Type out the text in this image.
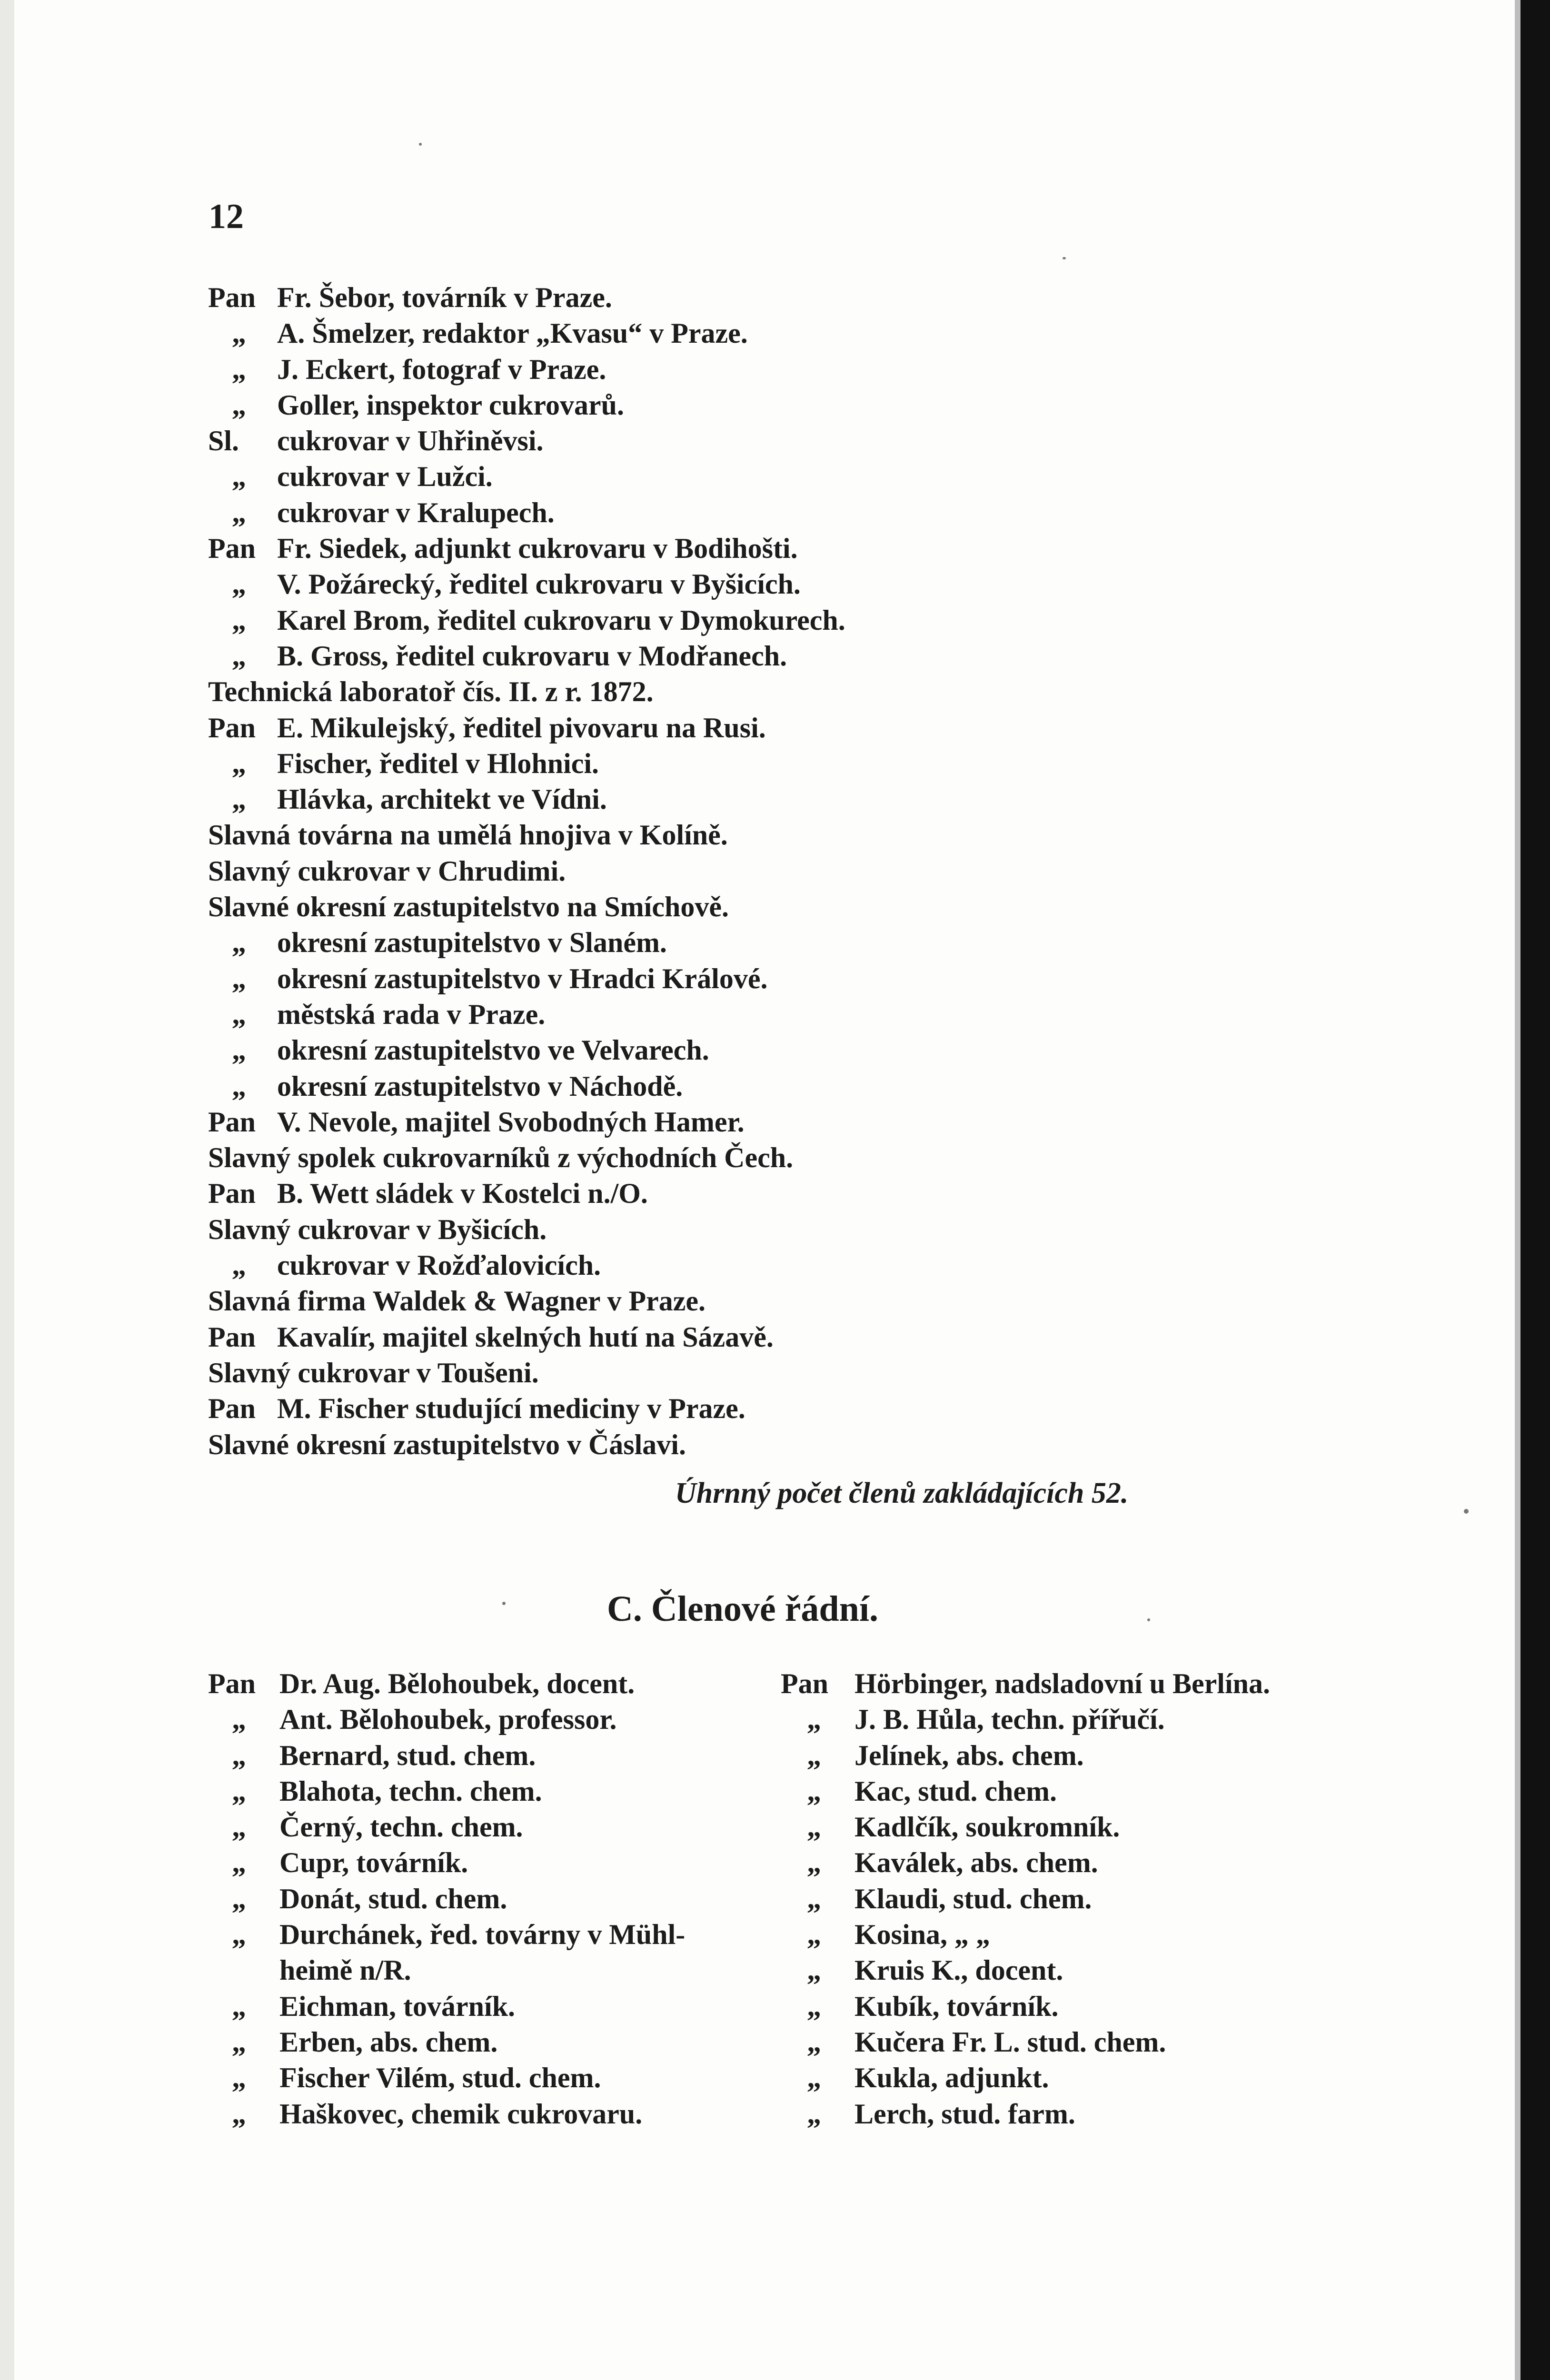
12
Pan Fr. Šebor, továrník v Praze.
„ A. Šmelzer, redaktor „Kvasu“ v Praze.
„ J. Eckert, fotograf v Praze.
„ Goller, inspektor cukrovarů.
Sl. cukrovar v Uhřiněvsi.
„ cukrovar v Lužci.
„ cukrovar v Kralupech.
Pan Fr. Siedek, adjunkt cukrovaru v Bodihošti.
„ V. Požárecký, ředitel cukrovaru v Byšicích.
„ Karel Brom, ředitel cukrovaru v Dymokurech.
„ B. Gross, ředitel cukrovaru v Modřanech.
Technická laboratoř čís. II. z r. 1872.
Pan E. Mikulejský, ředitel pivovaru na Rusi.
„ Fischer, ředitel v Hlohnici.
„ Hlávka, architekt ve Vídni.
Slavná továrna na umělá hnojiva v Kolíně.
Slavný cukrovar v Chrudimi.
Slavné okresní zastupitelstvo na Smíchově.
„ okresní zastupitelstvo v Slaném.
„ okresní zastupitelstvo v Hradci Králové.
„ městská rada v Praze.
„ okresní zastupitelstvo ve Velvarech.
„ okresní zastupitelstvo v Náchodě.
Pan V. Nevole, majitel Svobodných Hamer.
Slavný spolek cukrovarníků z východních Čech.
Pan B. Wett sládek v Kostelci n./O.
Slavný cukrovar v Byšicích.
„ cukrovar v Rožďalovicích.
Slavná firma Waldek & Wagner v Praze.
Pan Kavalír, majitel skelných hutí na Sázavě.
Slavný cukrovar v Toušeni.
Pan M. Fischer studující mediciny v Praze.
Slavné okresní zastupitelstvo v Čáslavi.
Úhrnný počet členů zakládajících 52.
C. Členové řádní.
Pan Dr. Aug. Bělohoubek, docent.
„ Ant. Bělohoubek, professor.
„ Bernard, stud. chem.
„ Blahota, techn. chem.
„ Černý, techn. chem.
„ Cupr, továrník.
„ Donát, stud. chem.
„ Durchánek, řed. továrny v Mühl-
heimě n/R.
„ Eichman, továrník.
„ Erben, abs. chem.
„ Fischer Vilém, stud. chem.
„ Haškovec, chemik cukrovaru.
Pan Hörbinger, nadsladovní u Berlína.
„ J. B. Hůla, techn. přířučí.
„ Jelínek, abs. chem.
„ Kac, stud. chem.
„ Kadlčík, soukromník.
„ Kaválek, abs. chem.
„ Klaudi, stud. chem.
„ Kosina, „ „
„ Kruis K., docent.
„ Kubík, továrník.
„ Kučera Fr. L. stud. chem.
„ Kukla, adjunkt.
„ Lerch, stud. farm.
